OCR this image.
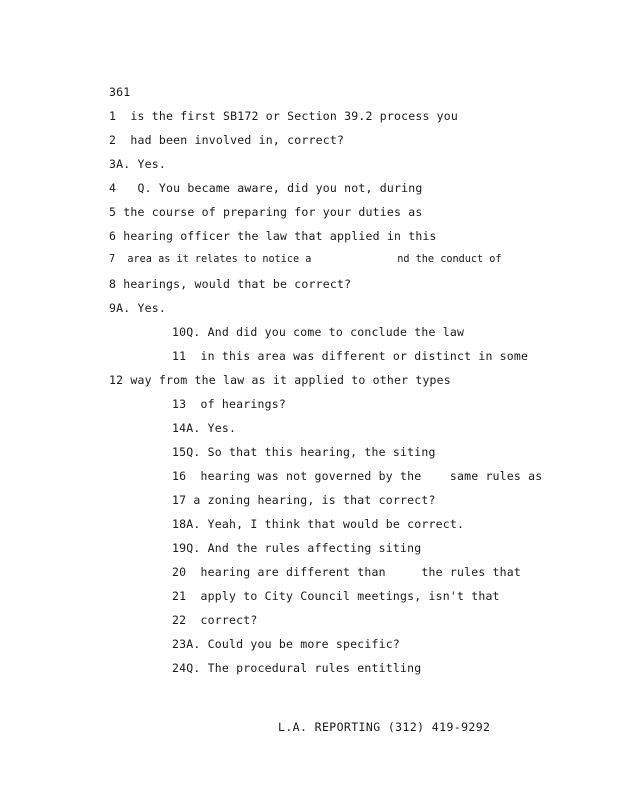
361
1  is the first SB172 or Section 39.2 process you
2  had been involved in, correct?
3A. Yes.
4   Q. You became aware, did you not, during
5 the course of preparing for your duties as
6 hearing officer the law that applied in this
7  area as it relates to notice a              nd the conduct of
8 hearings, would that be correct?
9A. Yes.
10Q. And did you come to conclude the law
11  in this area was different or distinct in some
12 way from the law as it applied to other types
13  of hearings?
14A. Yes.
15Q. So that this hearing, the siting
16  hearing was not governed by the    same rules as
17 a zoning hearing, is that correct?
18A. Yeah, I think that would be correct.
19Q. And the rules affecting siting
20  hearing are different than     the rules that
21  apply to City Council meetings, isn't that
22  correct?
23A. Could you be more specific?
24Q. The procedural rules entitling
L.A. REPORTING (312) 419-9292
